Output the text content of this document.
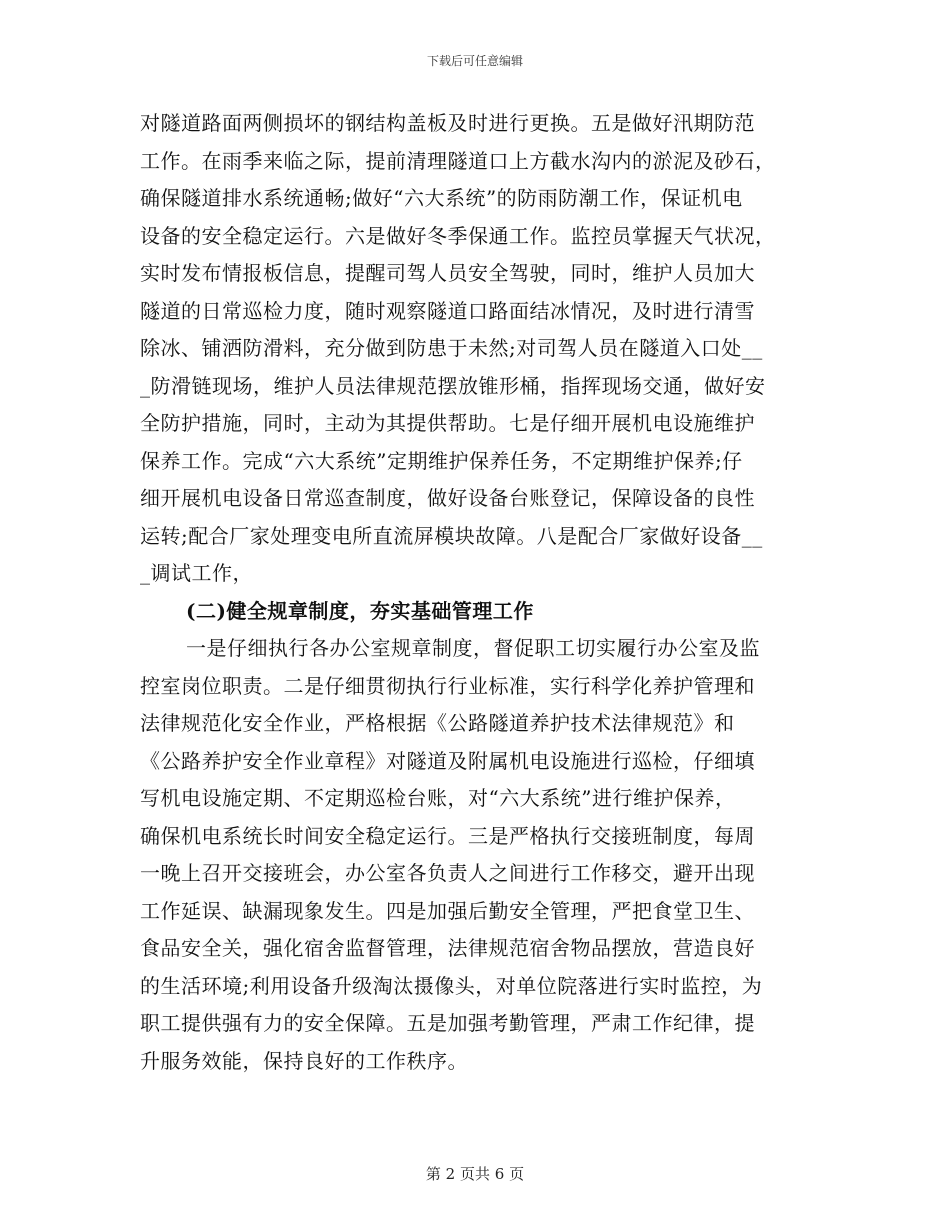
下载后可任意编辑
对隧道路面两侧损坏的钢结构盖板及时进行更换。五是做好汛期防范
工作。在雨季来临之际，提前清理隧道口上方截水沟内的淤泥及砂石，
确保隧道排水系统通畅;做好“六大系统”的防雨防潮工作，保证机电
设备的安全稳定运行。六是做好冬季保通工作。监控员掌握天气状况，
实时发布情报板信息，提醒司驾人员安全驾驶，同时，维护人员加大
隧道的日常巡检力度，随时观察隧道口路面结冰情况，及时进行清雪
除冰、铺洒防滑料，充分做到防患于未然;对司驾人员在隧道入口处__
_防滑链现场，维护人员法律规范摆放锥形桶，指挥现场交通，做好安
全防护措施，同时，主动为其提供帮助。七是仔细开展机电设施维护
保养工作。完成“六大系统”定期维护保养任务，不定期维护保养;仔
细开展机电设备日常巡查制度，做好设备台账登记，保障设备的良性
运转;配合厂家处理变电所直流屏模块故障。八是配合厂家做好设备__
_调试工作，
(二)健全规章制度，夯实基础管理工作
一是仔细执行各办公室规章制度，督促职工切实履行办公室及监
控室岗位职责。二是仔细贯彻执行行业标准，实行科学化养护管理和
法律规范化安全作业，严格根据《公路隧道养护技术法律规范》和
《公路养护安全作业章程》对隧道及附属机电设施进行巡检，仔细填
写机电设施定期、不定期巡检台账，对“六大系统”进行维护保养，
确保机电系统长时间安全稳定运行。三是严格执行交接班制度，每周
一晚上召开交接班会，办公室各负责人之间进行工作移交，避开出现
工作延误、缺漏现象发生。四是加强后勤安全管理，严把食堂卫生、
食品安全关，强化宿舍监督管理，法律规范宿舍物品摆放，营造良好
的生活环境;利用设备升级淘汰摄像头，对单位院落进行实时监控，为
职工提供强有力的安全保障。五是加强考勤管理，严肃工作纪律，提
升服务效能，保持良好的工作秩序。
第 2 页共 6 页
